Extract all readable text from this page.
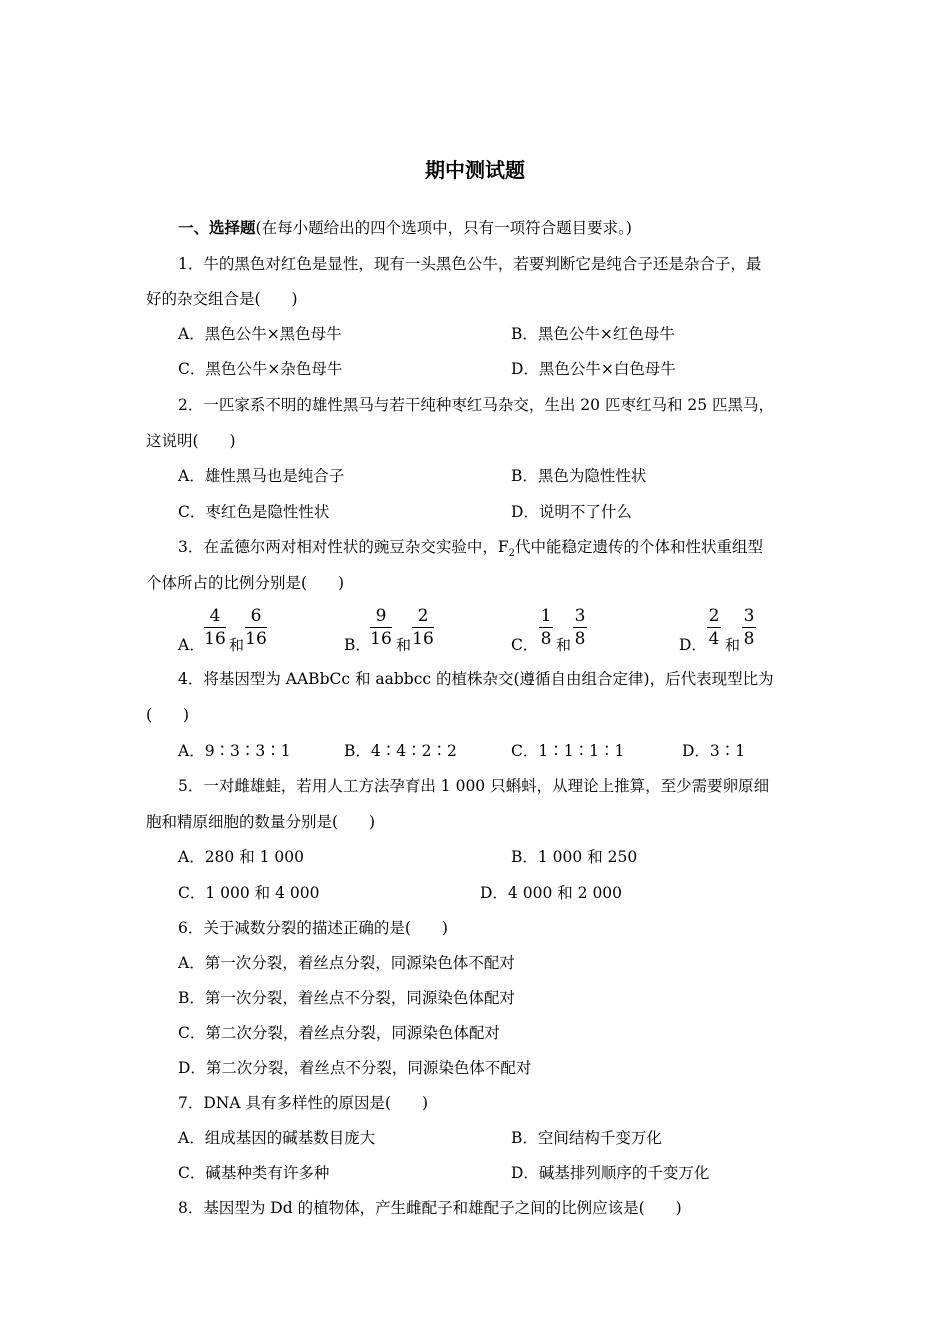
期中测试题
一、选择题(在每小题给出的四个选项中，只有一项符合题目要求。)
1．牛的黑色对红色是显性，现有一头黑色公牛，若要判断它是纯合子还是杂合子，最
好的杂交组合是(　　)
A．黑色公牛×黑色母牛	B．黑色公牛×红色母牛
C．黑色公牛×杂色母牛	D．黑色公牛×白色母牛
2．一匹家系不明的雄性黑马与若干纯种枣红马杂交，生出 20 匹枣红马和 25 匹黑马，
这说明(　　)
A．雄性黑马也是纯合子	B．黑色为隐性性状
C．枣红色是隐性性状	D．说明不了什么
3．在孟德尔两对相对性状的豌豆杂交实验中，$F_2$代中能稳定遗传的个体和性状重组型
个体所占的比例分别是(　　)
A．
4
16 和
6
16	B．
9
16 和
2
16	C．
1
8 和
3
8	D．
2
4 和
3
8
4．将基因型为 AABbCc 和 aabbcc 的植株杂交(遵循自由组合定律)，后代表现型比为
(　　)
A．9∶3∶3∶1	B．4∶4∶2∶2	C．1∶1∶1∶1	D．3∶1
5．一对雌雄蛙，若用人工方法孕育出 1 000 只蝌蚪，从理论上推算，至少需要卵原细
胞和精原细胞的数量分别是(　　)
A．280 和 1 000	B．1 000 和 250
C．1 000 和 4 000	D．4 000 和 2 000
6．关于减数分裂的描述正确的是(　　)
A．第一次分裂，着丝点分裂，同源染色体不配对
B．第一次分裂，着丝点不分裂，同源染色体配对
C．第二次分裂，着丝点分裂，同源染色体配对
D．第二次分裂，着丝点不分裂，同源染色体不配对
7．DNA 具有多样性的原因是(　　)
A．组成基因的碱基数目庞大	B．空间结构千变万化
C．碱基种类有许多种	D．碱基排列顺序的千变万化
8．基因型为 Dd 的植物体，产生雌配子和雄配子之间的比例应该是(　　)
